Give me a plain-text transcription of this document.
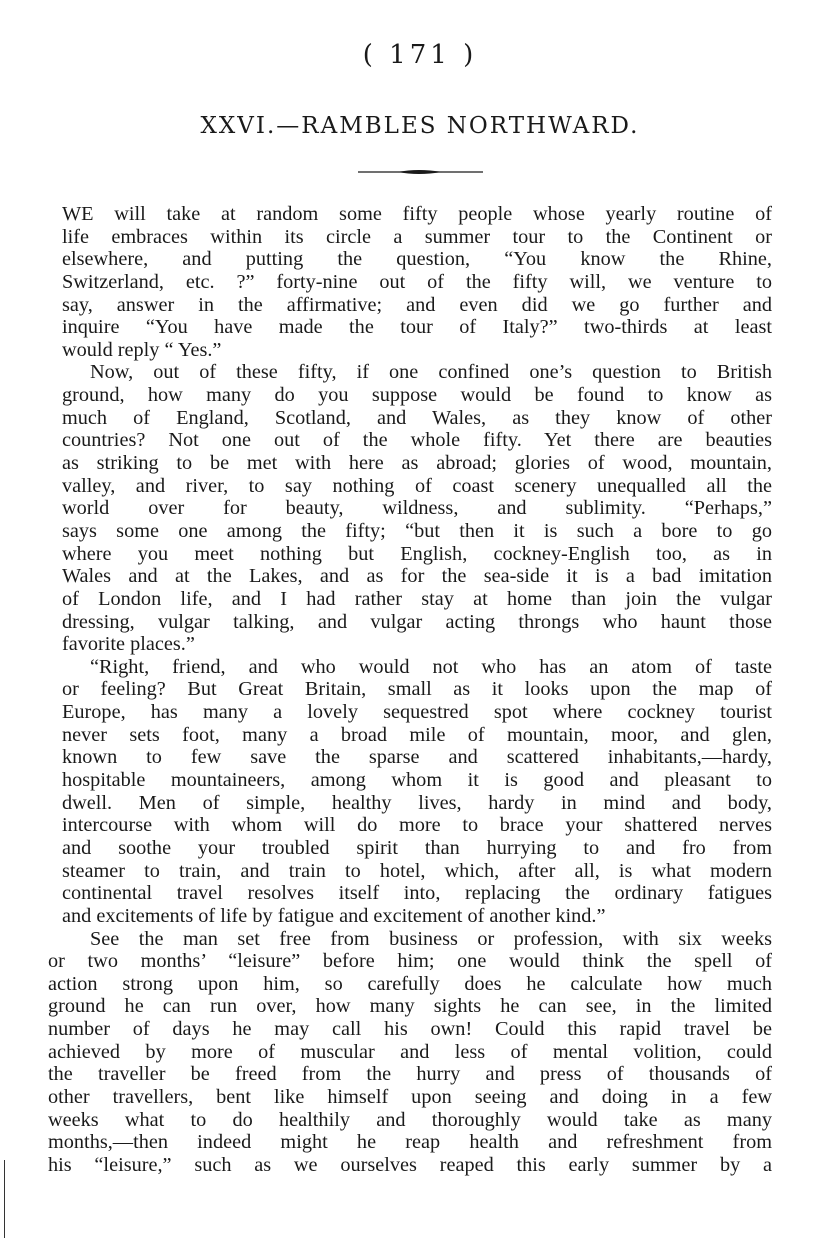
( 171 )
XXVI.—RAMBLES NORTHWARD.
WE will take at random some fifty people whose yearly routine of
life embraces within its circle a summer tour to the Continent or
elsewhere, and putting the question, “You know the Rhine,
Switzerland, etc. ?” forty-nine out of the fifty will, we venture to
say, answer in the affirmative; and even did we go further and
inquire “You have made the tour of Italy?” two-thirds at least
would reply “ Yes.”
Now, out of these fifty, if one confined one’s question to British
ground, how many do you suppose would be found to know as
much of England, Scotland, and Wales, as they know of other
countries? Not one out of the whole fifty. Yet there are beauties
as striking to be met with here as abroad; glories of wood, mountain,
valley, and river, to say nothing of coast scenery unequalled all the
world over for beauty, wildness, and sublimity. “Perhaps,”
says some one among the fifty; “but then it is such a bore to go
where you meet nothing but English, cockney-English too, as in
Wales and at the Lakes, and as for the sea-side it is a bad imitation
of London life, and I had rather stay at home than join the vulgar
dressing, vulgar talking, and vulgar acting throngs who haunt those
favorite places.”
“Right, friend, and who would not who has an atom of taste
or feeling? But Great Britain, small as it looks upon the map of
Europe, has many a lovely sequestred spot where cockney tourist
never sets foot, many a broad mile of mountain, moor, and glen,
known to few save the sparse and scattered inhabitants,—hardy,
hospitable mountaineers, among whom it is good and pleasant to
dwell. Men of simple, healthy lives, hardy in mind and body,
intercourse with whom will do more to brace your shattered nerves
and soothe your troubled spirit than hurrying to and fro from
steamer to train, and train to hotel, which, after all, is what modern
continental travel resolves itself into, replacing the ordinary fatigues
and excitements of life by fatigue and excitement of another kind.”
See the man set free from business or profession, with six weeks
or two months’ “leisure” before him; one would think the spell of
action strong upon him, so carefully does he calculate how much
ground he can run over, how many sights he can see, in the limited
number of days he may call his own! Could this rapid travel be
achieved by more of muscular and less of mental volition, could
the traveller be freed from the hurry and press of thousands of
other travellers, bent like himself upon seeing and doing in a few
weeks what to do healthily and thoroughly would take as many
months,—then indeed might he reap health and refreshment from
his “leisure,” such as we ourselves reaped this early summer by a
